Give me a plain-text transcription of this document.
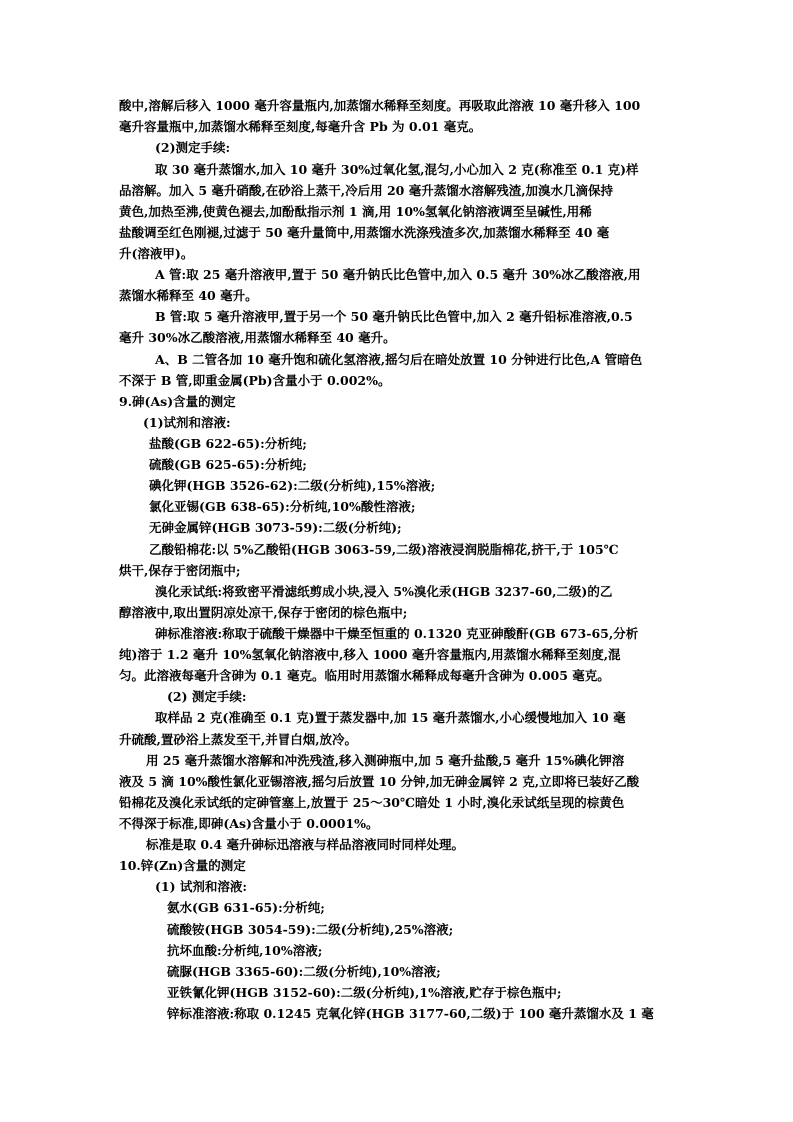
酸中,溶解后移入 1000 毫升容量瓶内,加蒸馏水稀释至刻度。再吸取此溶液 10 毫升移入 100
毫升容量瓶中,加蒸馏水稀释至刻度,每毫升含 Pb 为 0.01 毫克。
(2)测定手续:
取 30 毫升蒸馏水,加入 10 毫升 30%过氧化氢,混匀,小心加入 2 克(称准至 0.1 克)样
品溶解。加入 5 毫升硝酸,在砂浴上蒸干,冷后用 20 毫升蒸馏水溶解残渣,加溴水几滴保持
黄色,加热至沸,使黄色褪去,加酚酞指示剂 1 滴,用 10%氢氧化钠溶液调至呈碱性,用稀
盐酸调至红色刚褪,过滤于 50 毫升量筒中,用蒸馏水洗涤残渣多次,加蒸馏水稀释至 40 毫
升(溶液甲)。
A 管:取 25 毫升溶液甲,置于 50 毫升钠氏比色管中,加入 0.5 毫升 30%冰乙酸溶液,用
蒸馏水稀释至 40 毫升。
B 管:取 5 毫升溶液甲,置于另一个 50 毫升钠氏比色管中,加入 2 毫升铅标准溶液,0.5
毫升 30%冰乙酸溶液,用蒸馏水稀释至 40 毫升。
A、B 二管各加 10 毫升饱和硫化氢溶液,摇匀后在暗处放置 10 分钟进行比色,A 管暗色
不深于 B 管,即重金属(Pb)含量小于 0.002%。
9.砷(As)含量的测定
(1)试剂和溶液:
盐酸(GB 622-65):分析纯;
硫酸(GB 625-65):分析纯;
碘化钾(HGB 3526-62):二级(分析纯),15%溶液;
氯化亚锡(GB 638-65):分析纯,10%酸性溶液;
无砷金属锌(HGB 3073-59):二级(分析纯);
乙酸铅棉花:以 5%乙酸铅(HGB 3063-59,二级)溶液浸润脱脂棉花,挤干,于 105℃
烘干,保存于密闭瓶中;
溴化汞试纸:将致密平滑滤纸剪成小块,浸入 5%溴化汞(HGB 3237-60,二级)的乙
醇溶液中,取出置阴凉处凉干,保存于密闭的棕色瓶中;
砷标准溶液:称取于硫酸干燥器中干燥至恒重的 0.1320 克亚砷酸酐(GB 673-65,分析
纯)溶于 1.2 毫升 10%氢氧化钠溶液中,移入 1000 毫升容量瓶内,用蒸馏水稀释至刻度,混
匀。此溶液每毫升含砷为 0.1 毫克。临用时用蒸馏水稀释成每毫升含砷为 0.005 毫克。
(2) 测定手续:
取样品 2 克(准确至 0.1 克)置于蒸发器中,加 15 毫升蒸馏水,小心缓慢地加入 10 毫
升硫酸,置砂浴上蒸发至干,并冒白烟,放冷。
用 25 毫升蒸馏水溶解和冲洗残渣,移入测砷瓶中,加 5 毫升盐酸,5 毫升 15%碘化钾溶
液及 5 滴 10%酸性氯化亚锡溶液,摇匀后放置 10 分钟,加无砷金属锌 2 克,立即将已装好乙酸
铅棉花及溴化汞试纸的定砷管塞上,放置于 25～30℃暗处 1 小时,溴化汞试纸呈现的棕黄色
不得深于标准,即砷(As)含量小于 0.0001%。
标准是取 0.4 毫升砷标迅溶液与样品溶液同时同样处理。
10.锌(Zn)含量的测定
(1) 试剂和溶液:
氨水(GB 631-65):分析纯;
硫酸铵(HGB 3054-59):二级(分析纯),25%溶液;
抗坏血酸:分析纯,10%溶液;
硫脲(HGB 3365-60):二级(分析纯),10%溶液;
亚铁氰化钾(HGB 3152-60):二级(分析纯),1%溶液,贮存于棕色瓶中;
锌标准溶液:称取 0.1245 克氧化锌(HGB 3177-60,二级)于 100 毫升蒸馏水及 1 毫
